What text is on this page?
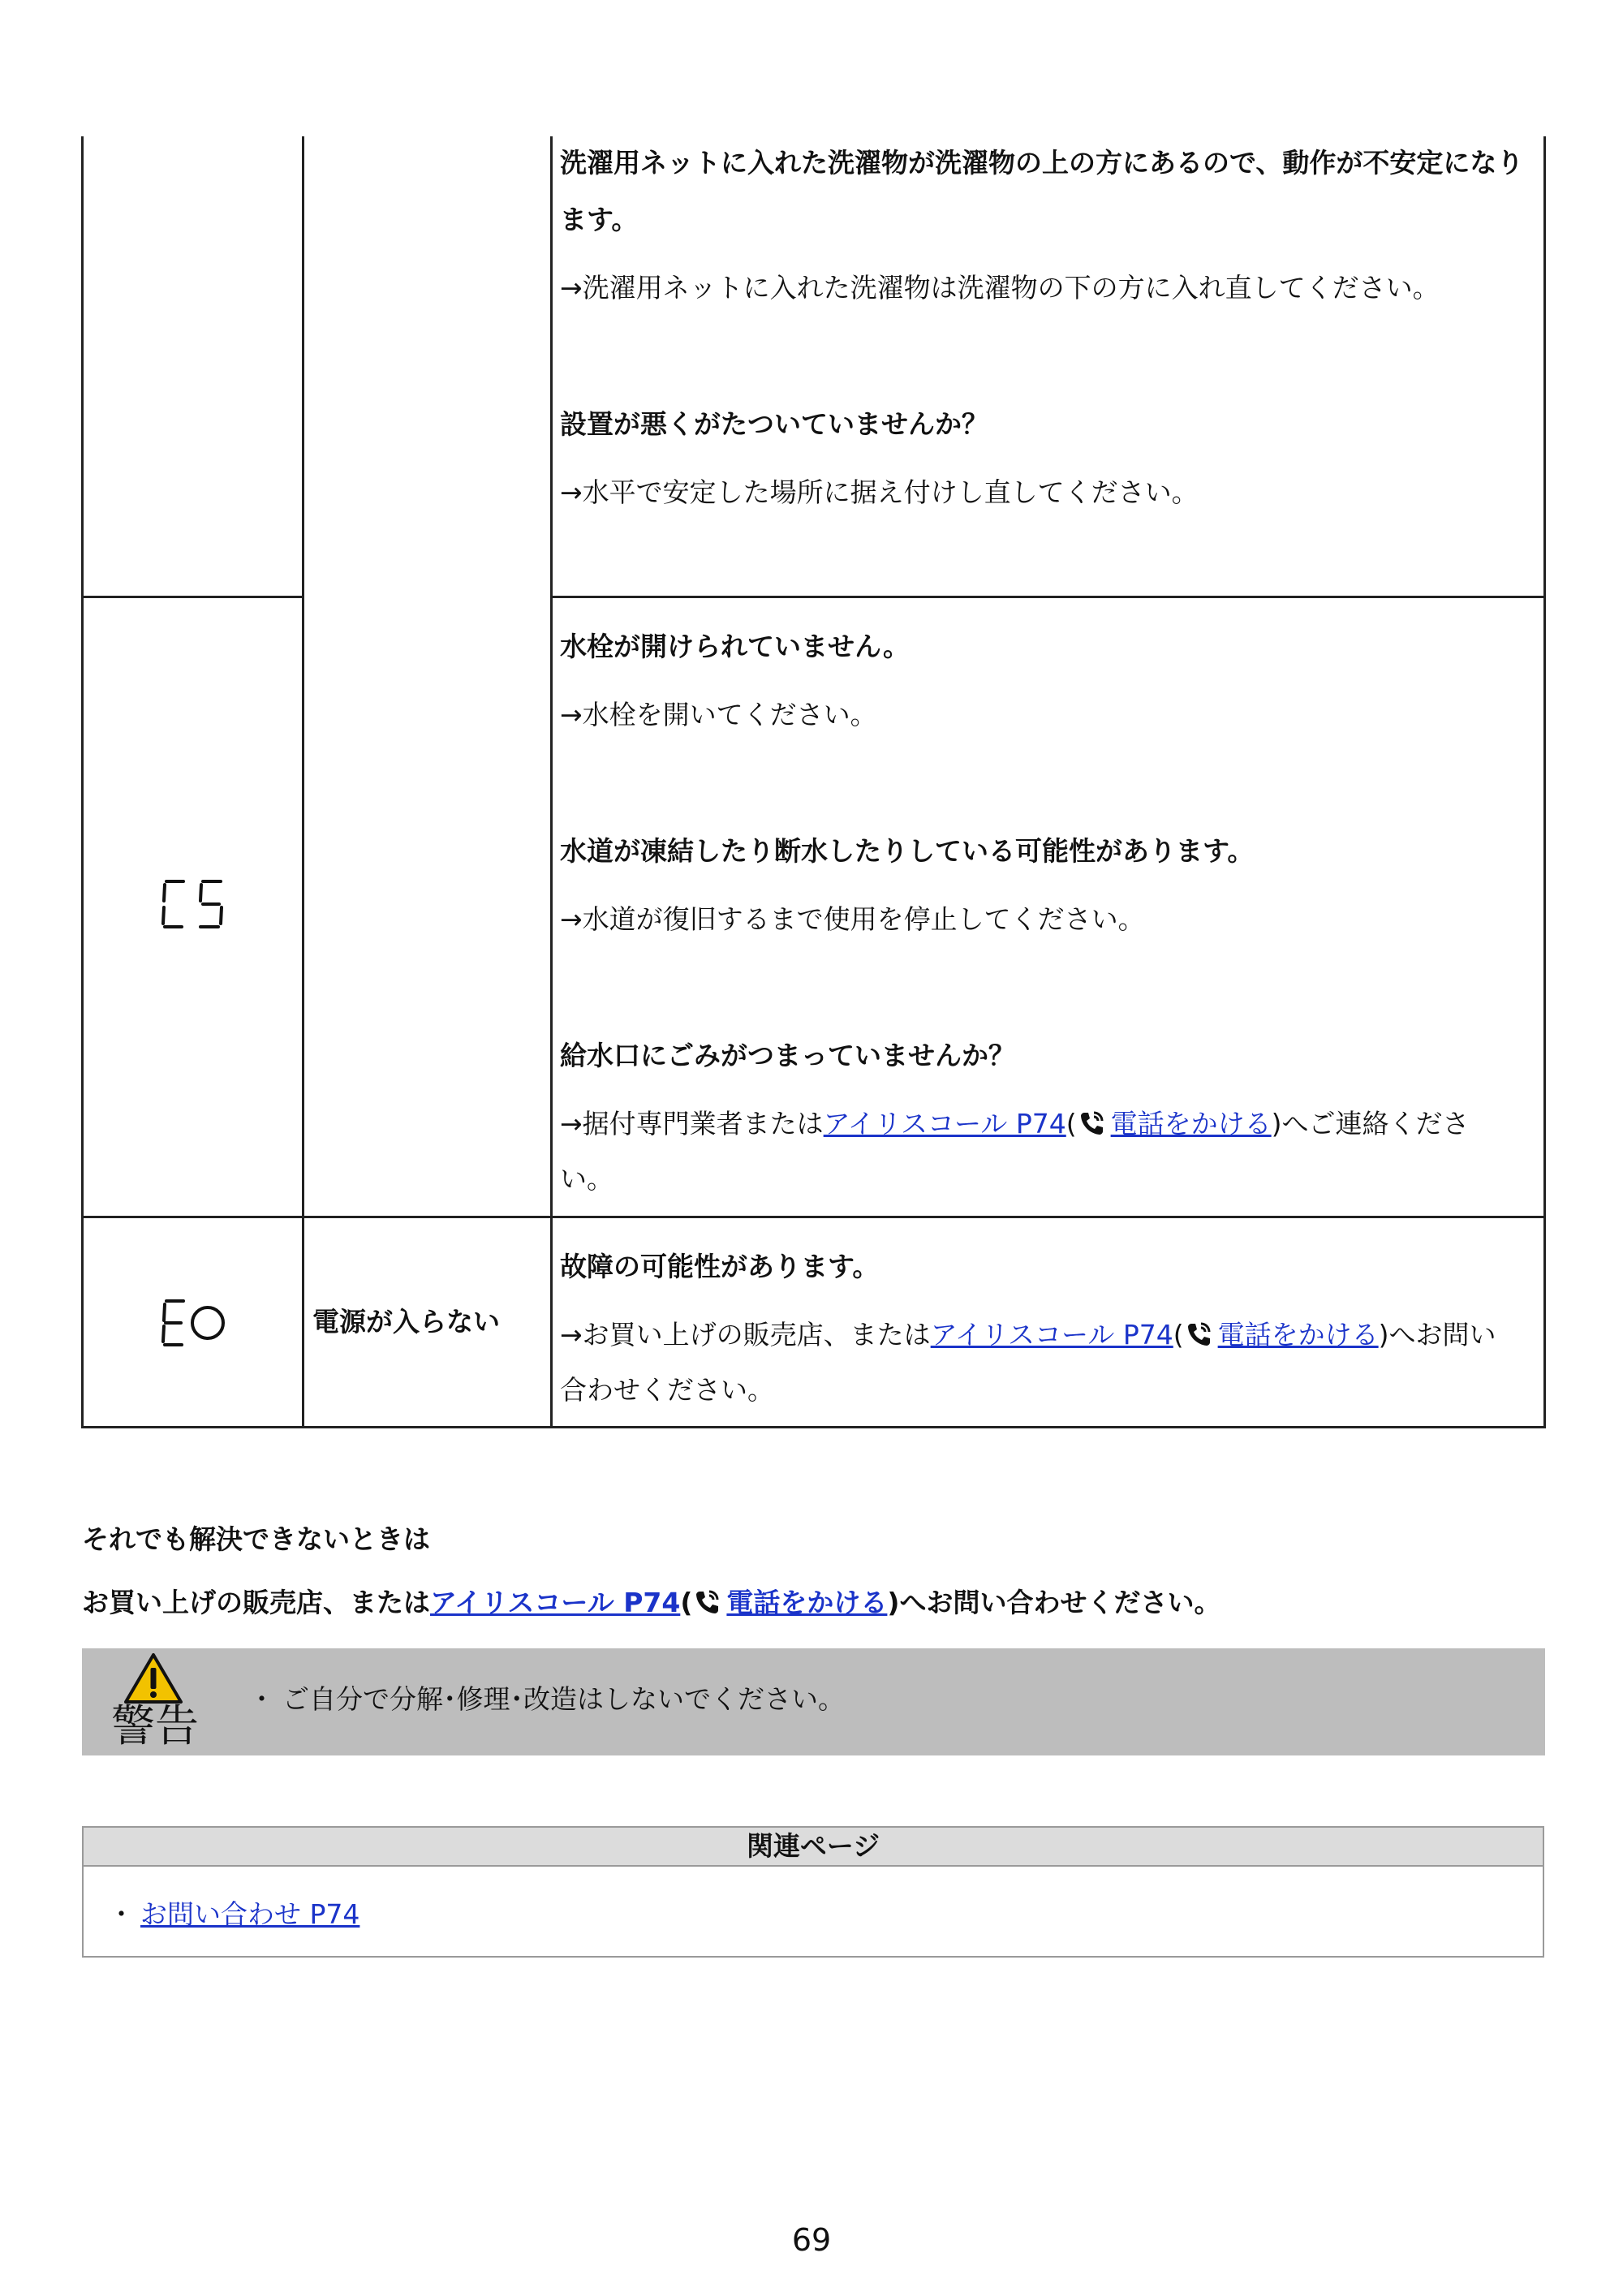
洗濯用ネットに入れた洗濯物が洗濯物の上の方にあるので、動作が不安定になり
ます。
→洗濯用ネットに入れた洗濯物は洗濯物の下の方に入れ直してください。
設置が悪くがたついていませんか？
→水平で安定した場所に据え付けし直してください。
水栓が開けられていません。
→水栓を開いてください。
水道が凍結したり断水したりしている可能性があります。
→水道が復旧するまで使用を停止してください。
給水口にごみがつまっていませんか？
→据付専門業者またはアイリスコール P74( 電話をかける)へご連絡くださ
い。
電源が入らない
故障の可能性があります。
→お買い上げの販売店、またはアイリスコール P74( 電話をかける)へお問い
合わせください。
それでも解決できないときは
お買い上げの販売店、またはアイリスコール P74( 電話をかける)へお問い合わせください。
警告
・ ご自分で分解･修理･改造はしないでください。
関連ページ
・ お問い合わせ P74
69
